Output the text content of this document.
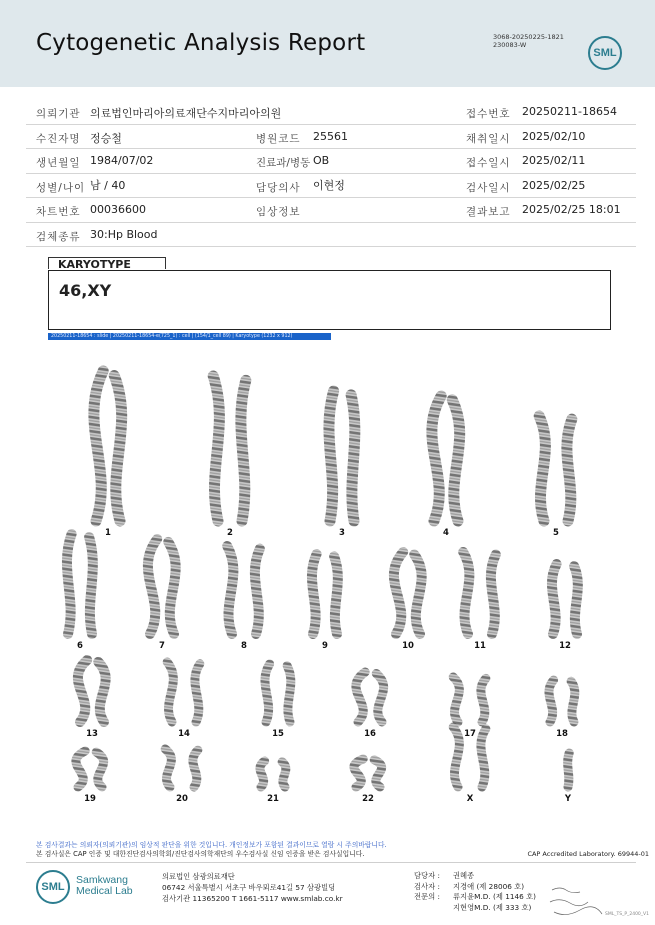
Cytogenetic Analysis Report	3068-20250225-1821
230083-W
SML
의뢰기관 의료법인마리아의료재단수지마리아의원	접수번호 20250211-18654
수진자명 정승철	병원코드 25561	채취일시 2025/02/10
생년월일 1984/07/02	진료과/병동 OB	접수일시 2025/02/11
성별/나이 남 / 40	담당의사 이현정	검사일시 2025/02/25
차트번호 00036600	임상정보	결과보고 2025/02/25 18:01
검체종류 30:Hp Blood
KARYOTYPE
46,XY
20250211-18654 : slide | 20250211-18654-e(725_1) : cell | (154/1_cell 89) | Karyotype (1232 x 912)
1	2	3	4	5
6	7	8	9	10	11	12
13	14	15	16	17	18
19	20	21	22	X	Y
본 검사결과는 의뢰자(의뢰기관)의 임상적 판단을 위한 것입니다. 개인정보가 포함된 결과이므로 열람 시 주의바랍니다.
본 검사실은 CAP 인증 및 대한진단검사의학회/진단검사의학재단의 우수검사실 신임 인증을 받은 검사실입니다.	CAP Accredited Laboratory. 69944-01
SML
Samkwang
Medical Lab
의료법인 삼광의료재단
06742 서울특별시 서초구 바우뫼로41길 57 삼광빌딩
검사기관 11365200 T 1661-5117 www.smlab.co.kr
담당자 :	권혜종
검사자 :	지경애 (제 28006 호)
전문의 :	류지윤M.D. (제 1146 호)
지현영M.D. (제 333 호)
SML_TS_P_2400_V1
